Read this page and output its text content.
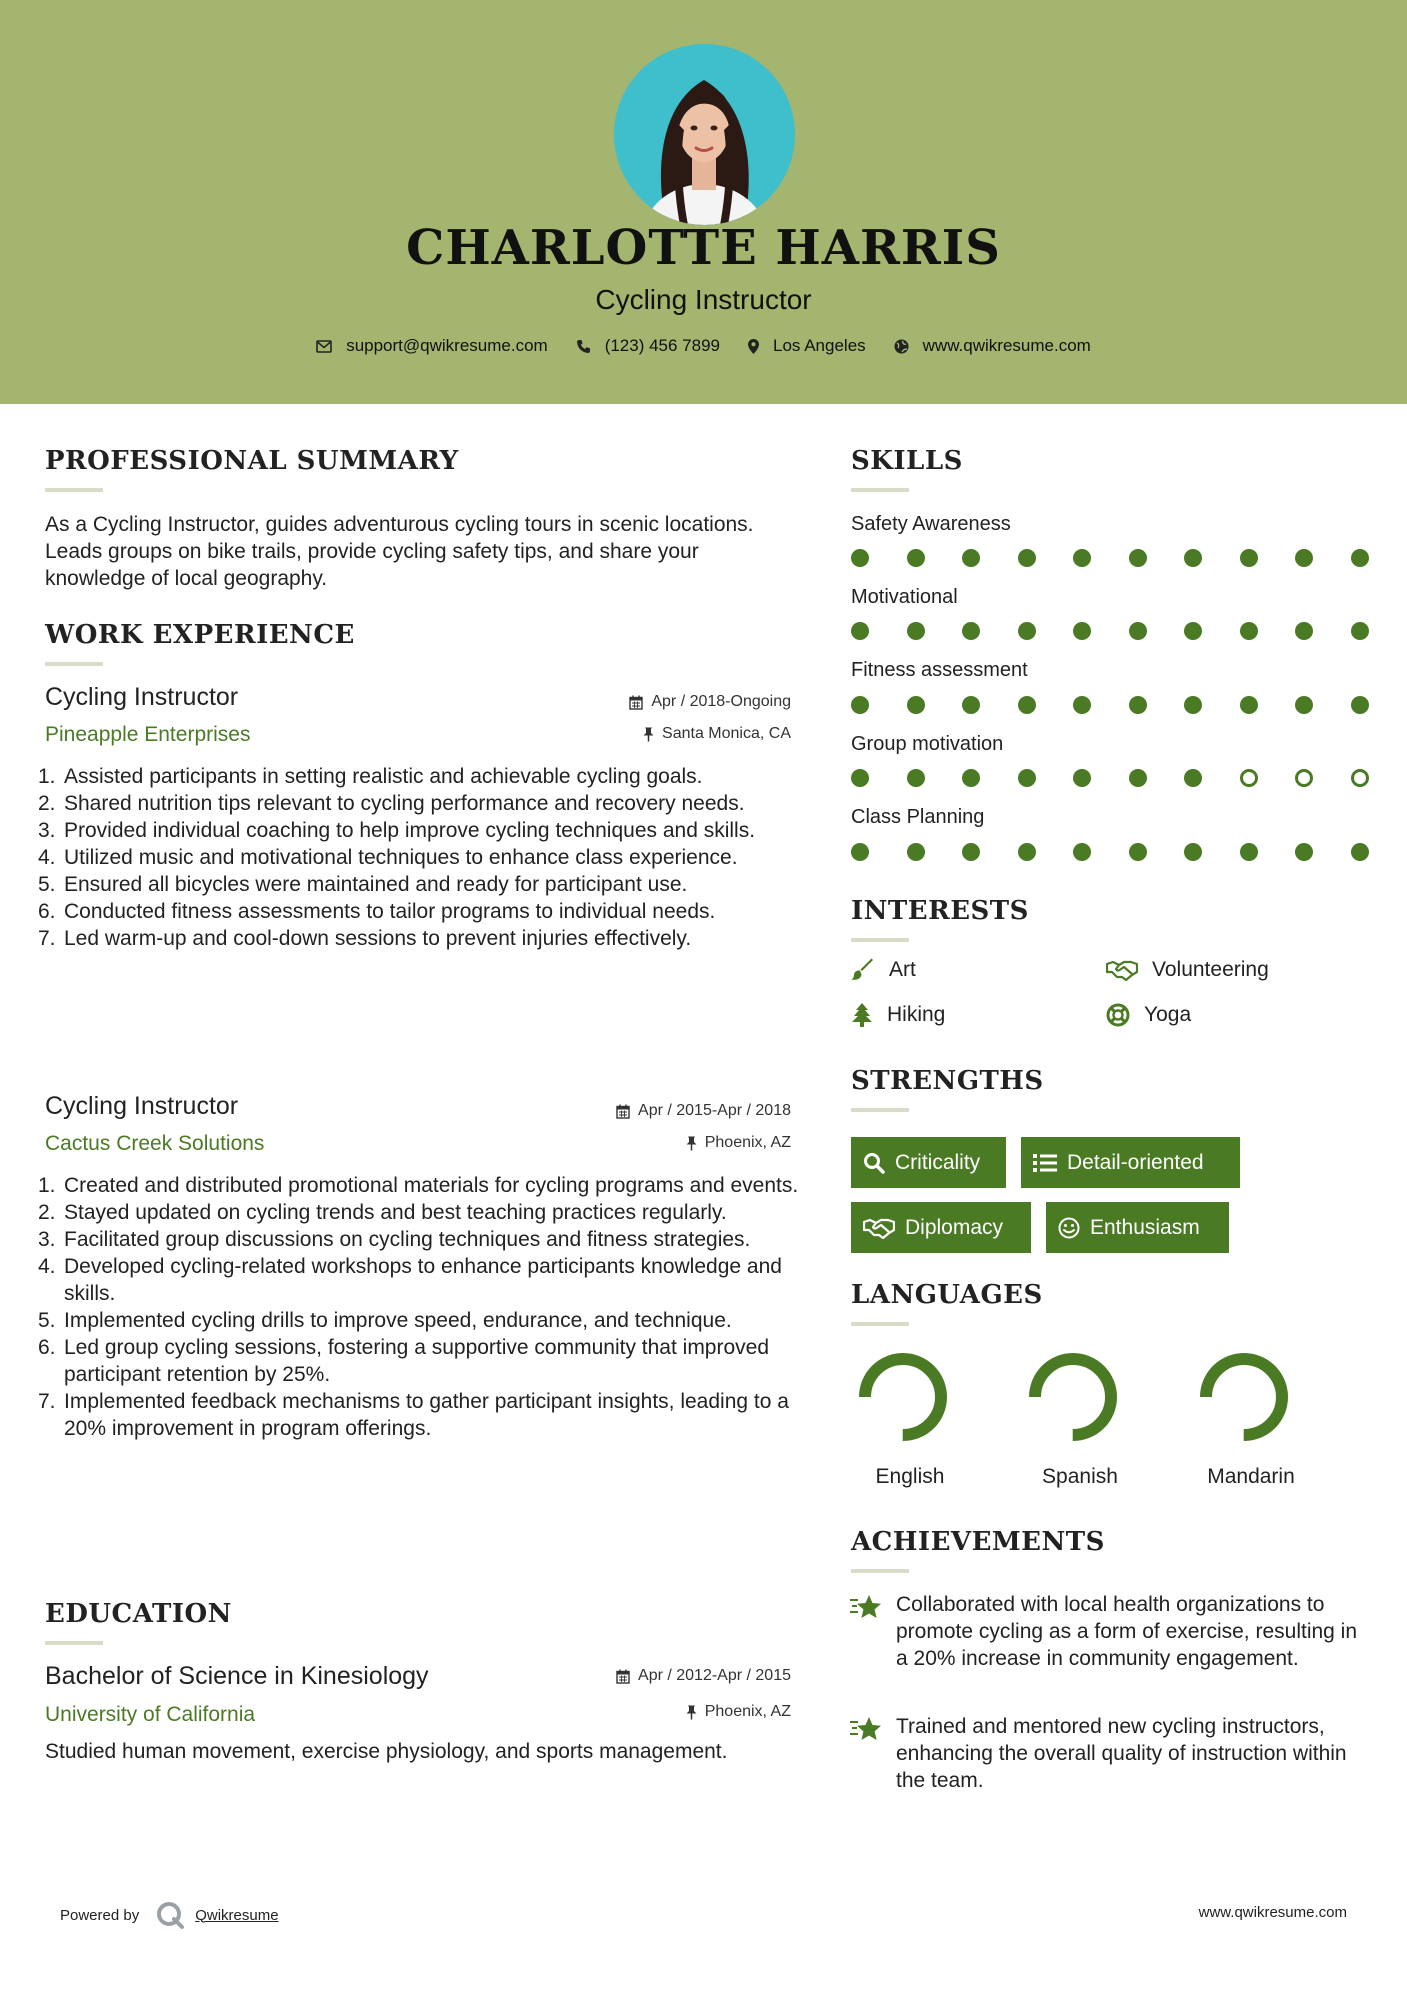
CHARLOTTE HARRIS
Cycling Instructor
support@qwikresume.com	(123) 456 7899	Los Angeles	www.qwikresume.com
PROFESSIONAL SUMMARY
As a Cycling Instructor, guides adventurous cycling tours in scenic locations. Leads groups on bike trails, provide cycling safety tips, and share your knowledge of local geography.
WORK EXPERIENCE
Cycling Instructor
Pineapple Enterprises
Apr / 2018-Ongoing
Santa Monica, CA
1. Assisted participants in setting realistic and achievable cycling goals.
2. Shared nutrition tips relevant to cycling performance and recovery needs.
3. Provided individual coaching to help improve cycling techniques and skills.
4. Utilized music and motivational techniques to enhance class experience.
5. Ensured all bicycles were maintained and ready for participant use.
6. Conducted fitness assessments to tailor programs to individual needs.
7. Led warm-up and cool-down sessions to prevent injuries effectively.
Cycling Instructor
Cactus Creek Solutions
Apr / 2015-Apr / 2018
Phoenix, AZ
1. Created and distributed promotional materials for cycling programs and events.
2. Stayed updated on cycling trends and best teaching practices regularly.
3. Facilitated group discussions on cycling techniques and fitness strategies.
4. Developed cycling-related workshops to enhance participants knowledge and skills.
5. Implemented cycling drills to improve speed, endurance, and technique.
6. Led group cycling sessions, fostering a supportive community that improved participant retention by 25%.
7. Implemented feedback mechanisms to gather participant insights, leading to a 20% improvement in program offerings.
EDUCATION
Bachelor of Science in Kinesiology
University of California
Apr / 2012-Apr / 2015
Phoenix, AZ
Studied human movement, exercise physiology, and sports management.
SKILLS
Safety Awareness
Motivational
Fitness assessment
Group motivation
Class Planning
INTERESTS
Art	Volunteering
Hiking	Yoga
STRENGTHS
Criticality	Detail-oriented
Diplomacy	Enthusiasm
LANGUAGES
English	Spanish	Mandarin
ACHIEVEMENTS
Collaborated with local health organizations to promote cycling as a form of exercise, resulting in a 20% increase in community engagement.
Trained and mentored new cycling instructors, enhancing the overall quality of instruction within the team.
Powered by	Qwikresume	www.qwikresume.com
